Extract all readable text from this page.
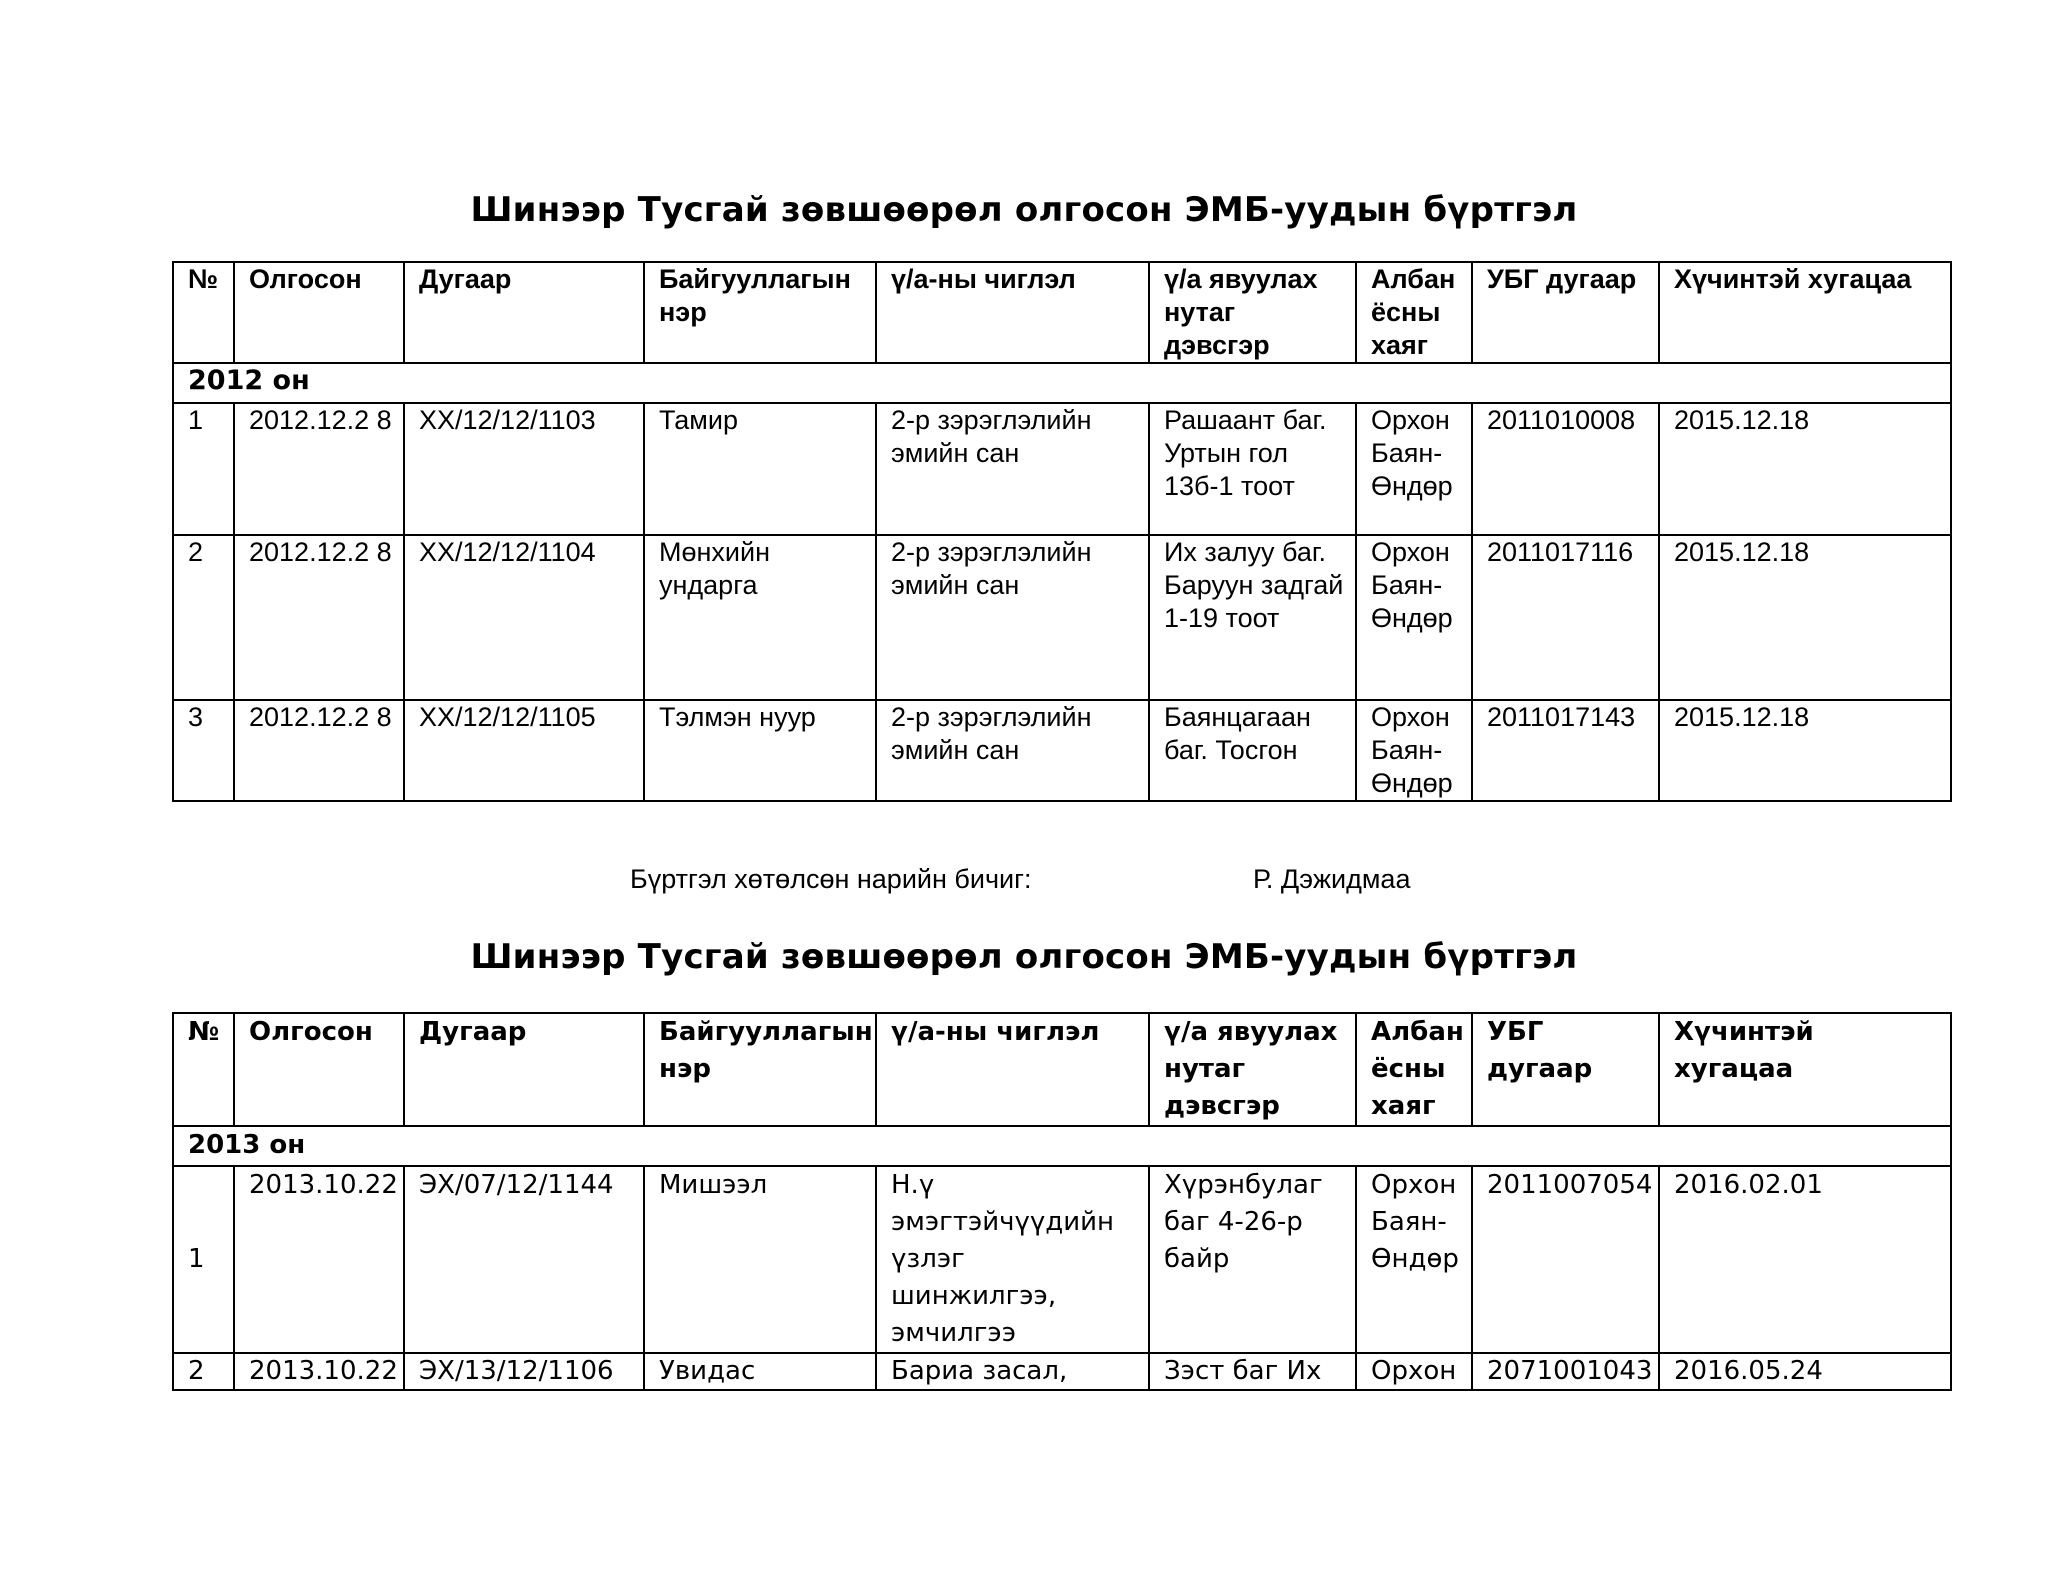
Шинээр Тусгай зөвшөөрөл олгосон ЭМБ-уудын бүртгэл
№	Олгосон	Дугаар	Байгууллагын нэр	ү/а-ны чиглэл	ү/а явуулах нутаг дэвсгэр	Албан ёсны хаяг	УБГ дугаар	Хүчинтэй хугацаа
2012 он								
1	2012.12.2 8	ХХ/12/12/1103	Тамир	2-р зэрэглэлийн эмийн сан	Рашаант баг. Уртын гол 13б-1 тоот	Орхон Баян-Өндөр	2011010008	2015.12.18
2	2012.12.2 8	ХХ/12/12/1104	Мөнхийн ундарга	2-р зэрэглэлийн эмийн сан	Их залуу баг. Баруун задгай 1-19 тоот	Орхон Баян-Өндөр	2011017116	2015.12.18
3	2012.12.2 8	ХХ/12/12/1105	Тэлмэн нуур	2-р зэрэглэлийн эмийн сан	Баянцагаан баг. Тосгон	Орхон Баян-Өндөр	2011017143	2015.12.18
Бүртгэл хөтөлсөн нарийн бичиг:	Р. Дэжидмаа
Шинээр Тусгай зөвшөөрөл олгосон ЭМБ-уудын бүртгэл
№	Олгосон	Дугаар	Байгууллагын нэр	ү/а-ны чиглэл	ү/а явуулах нутаг дэвсгэр	Албан ёсны хаяг	УБГ дугаар	Хүчинтэй хугацаа
2013 он								
1	2013.10.22	ЭХ/07/12/1144	Мишээл	Н.ү эмэгтэйчүүдийн үзлэг шинжилгээ, эмчилгээ	Хүрэнбулаг баг 4-26-р байр	Орхон Баян-Өндөр	2011007054	2016.02.01
2	2013.10.22	ЭХ/13/12/1106	Увидас	Бариа засал,	Зэст баг Их	Орхон	2071001043	2016.05.24
